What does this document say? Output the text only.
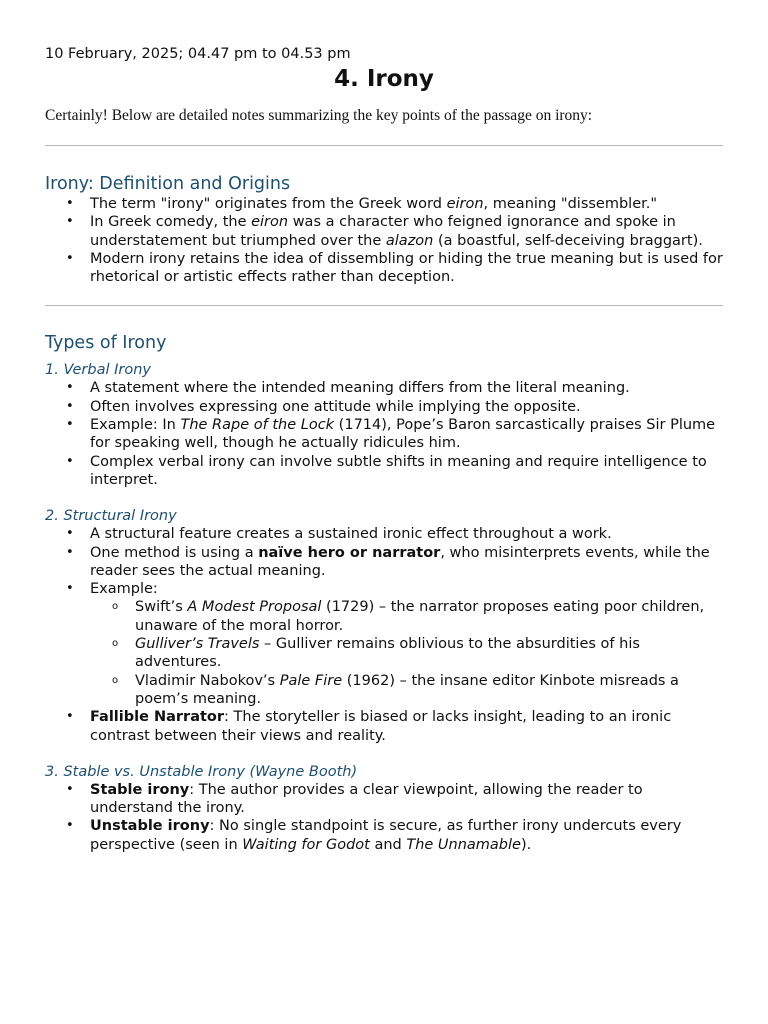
10 February, 2025; 04.47 pm to 04.53 pm

4. Irony

Certainly! Below are detailed notes summarizing the key points of the passage on irony:

Irony: Definition and Origins
• The term "irony" originates from the Greek word eiron, meaning "dissembler."
• In Greek comedy, the eiron was a character who feigned ignorance and spoke in understatement but triumphed over the alazon (a boastful, self-deceiving braggart).
• Modern irony retains the idea of dissembling or hiding the true meaning but is used for rhetorical or artistic effects rather than deception.
Types of Irony
1. Verbal Irony
• A statement where the intended meaning differs from the literal meaning.
• Often involves expressing one attitude while implying the opposite.
• Example: In The Rape of the Lock (1714), Pope’s Baron sarcastically praises Sir Plume for speaking well, though he actually ridicules him.
• Complex verbal irony can involve subtle shifts in meaning and require intelligence to interpret.
2. Structural Irony
• A structural feature creates a sustained ironic effect throughout a work.
• One method is using a naïve hero or narrator, who misinterprets events, while the reader sees the actual meaning.
• Example:
o Swift’s A Modest Proposal (1729) – the narrator proposes eating poor children, unaware of the moral horror.
o Gulliver’s Travels – Gulliver remains oblivious to the absurdities of his adventures.
o Vladimir Nabokov’s Pale Fire (1962) – the insane editor Kinbote misreads a poem’s meaning.
• Fallible Narrator: The storyteller is biased or lacks insight, leading to an ironic contrast between their views and reality.
3. Stable vs. Unstable Irony (Wayne Booth)
• Stable irony: The author provides a clear viewpoint, allowing the reader to understand the irony.
• Unstable irony: No single standpoint is secure, as further irony undercuts every perspective (seen in Waiting for Godot and The Unnamable).
